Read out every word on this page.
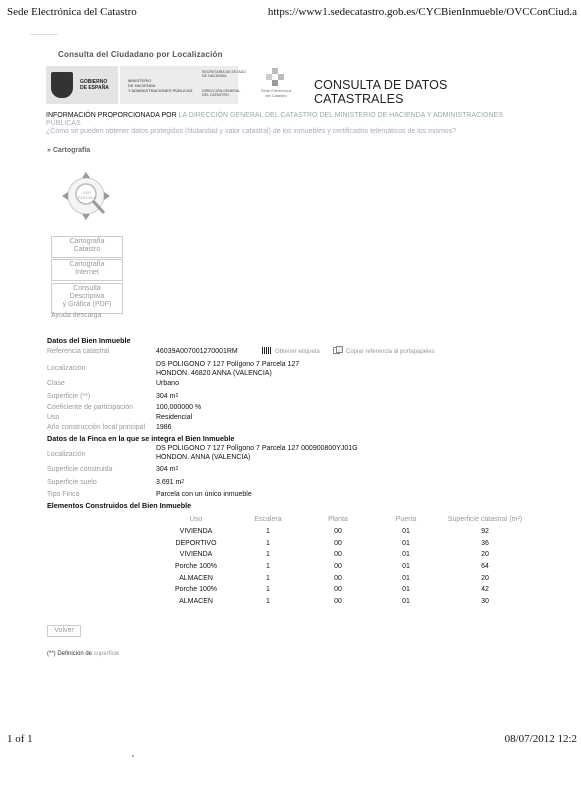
Sede Electrónica del Catastro	https://www1.sedecatastro.gob.es/CYCBienInmueble/OVCConCiud.a
Consulta del Ciudadano por Localización
GOBIERNO
DE ESPAÑA
MINISTERIO
DE HACIENDA
Y ADMINISTRACIONES PÚBLICAS
SECRETARÍA DE ESTADO
DE HACIENDA
DIRECCIÓN GENERAL
DEL CATASTRO
Sede Electrónica
del Catastro
CONSULTA DE DATOS CATASTRALES
INFORMACIÓN PROPORCIONADA POR LA DIRECCIÓN GENERAL DEL CATASTRO DEL MINISTERIO DE HACIENDA Y ADMINISTRACIONES
PÚBLICAS
¿Cómo se pueden obtener datos protegidos (titularidad y valor catastral) de los inmuebles y certificados telemáticos de los mismos?
» Cartografía
VER
PARCELA
Cartografía
Catastro
Cartografía
Internet
Consulta
Descriptiva
y Gráfica (PDF)
Ayuda descarga
Datos del Bien Inmueble
Referencia catastral	46039A007001270001RM	Obtener etiqueta	Copiar referencia al portapapeles
Localización
DS POLIGONO 7 127 Polígono 7 Parcela 127
HONDON. 46820 ANNA (VALENCIA)
Clase	Urbano
Superficie (**)	304 $m^2$
Coeficiente de participación	100,000000 %
Uso	Residencial
Año construcción local principal 1986
Datos de la Finca en la que se integra el Bien Inmueble
Localización
DS POLIGONO 7 127 Polígono 7 Parcela 127 000900800YJ01G
HONDON. ANNA (VALENCIA)
Superficie construida	304 $m^2$
Superficie suelo	3.691 $m^2$
Tipo Finca	Parcela con un único inmueble
Elementos Construidos del Bien Inmueble
Uso	Escalera	Planta	Puerta	Superficie catastral (m²)
VIVIENDA	1	00	01	92
DEPORTIVO	1	00	01	36
VIVIENDA	1	00	01	20
Porche 100%	1	00	01	64
ALMACEN	1	00	01	20
Porche 100%	1	00	01	42
ALMACEN	1	00	01	30
Volver
(**) Definición de superficie
1 of 1	08/07/2012 12:2
